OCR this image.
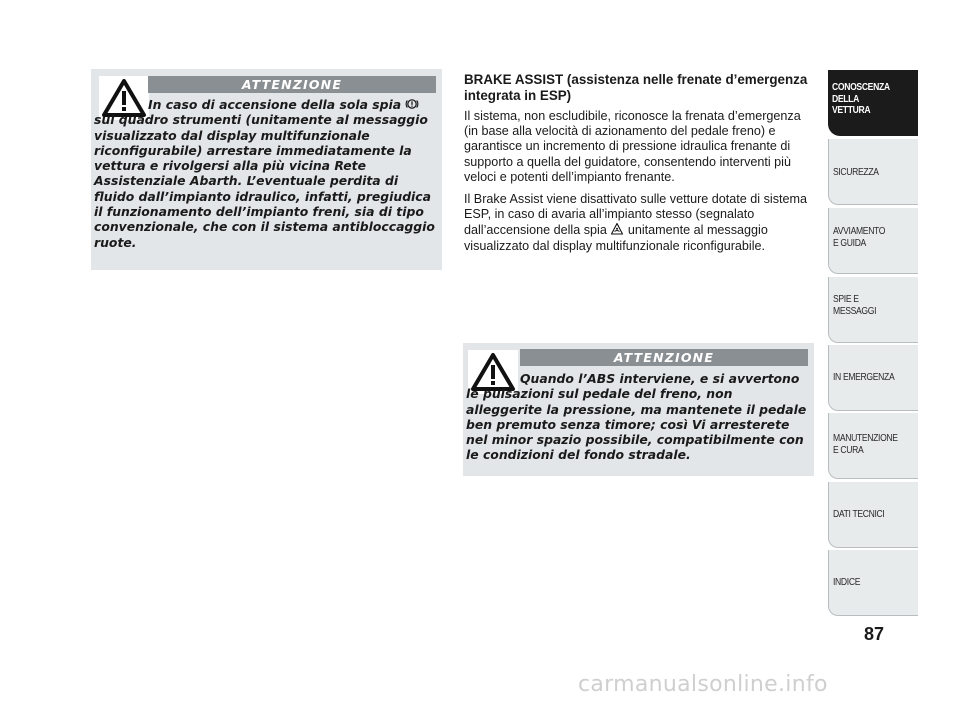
ATTENZIONE
In caso di accensione della sola spia  sul quadro strumenti (unitamente al messaggio visualizzato dal display multifunzionale riconfigurabile) arrestare immediatamente la vettura e rivolgersi alla più vicina Rete Assistenziale Abarth. L’eventuale perdita di fluido dall’impianto idraulico, infatti, pregiudica il funzionamento dell’impianto freni, sia di tipo convenzionale, che con il sistema antibloccaggio ruote.
BRAKE ASSIST (assistenza nelle frenate d’emergenza integrata in ESP)

Il sistema, non escludibile, riconosce la frenata d’emergenza (in base alla velocità di azionamento del pedale freno) e garantisce un incremento di pressione idraulica frenante di supporto a quella del guidatore, consentendo interventi più veloci e potenti dell’impianto frenante.

Il Brake Assist viene disattivato sulle vetture dotate di sistema ESP, in caso di avaria all’impianto stesso (segnalato dall’accensione della spia  unitamente al messaggio visualizzato dal display multifunzionale riconfigurabile.

ATTENZIONE
Quando l’ABS interviene, e si avvertono le pulsazioni sul pedale del freno, non alleggerite la pressione, ma mantenete il pedale ben premuto senza timore; così Vi arresterete nel minor spazio possibile, compatibilmente con le condizioni del fondo stradale.
CONOSCENZA
DELLA
VETTURA
SICUREZZA
AVVIAMENTO
E GUIDA
SPIE E
MESSAGGI
IN EMERGENZA
MANUTENZIONE
E CURA
DATI TECNICI
INDICE
87
carmanualsonline.info
